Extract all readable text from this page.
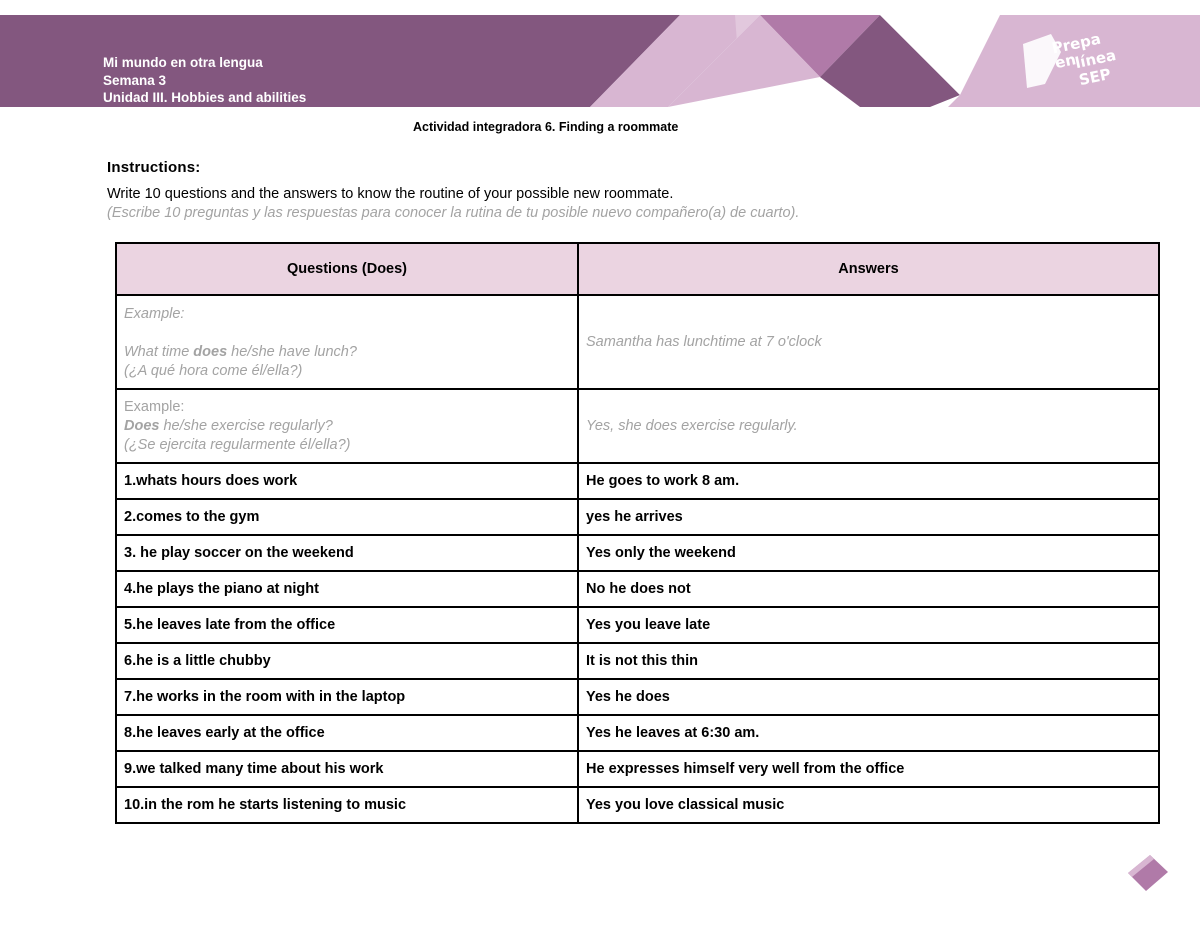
Mi mundo en otra lengua
Semana 3
Unidad III. Hobbies and abilities
Prepa en
línea
SEP
Actividad integradora 6. Finding a roommate
Instructions:
Write 10 questions and the answers to know the routine of your possible new roommate.
(Escribe 10 preguntas y las respuestas para conocer la rutina de tu posible nuevo compañero(a) de cuarto).
Questions (Does)	Answers

Example:
What time does he/she have lunch?
(¿A qué hora come él/ella?)	Samantha has lunchtime at 7 o'clock

Example:
Does he/she exercise regularly?
(¿Se ejercita regularmente él/ella?)	Yes, she does exercise regularly.
1.whats hours does work	He goes to work 8 am.
2.comes to the gym	yes he arrives
3. he play soccer on the weekend	Yes only the weekend
4.he plays the piano at night	No he does not
5.he leaves late from the office	Yes you leave late
6.he is a little chubby	It is not this thin
7.he works in the room with in the laptop	Yes he does
8.he leaves early at the office	Yes he leaves at 6:30 am.
9.we talked many time about his work	He expresses himself very well from the office
10.in the rom he starts listening to music	Yes you love classical music
